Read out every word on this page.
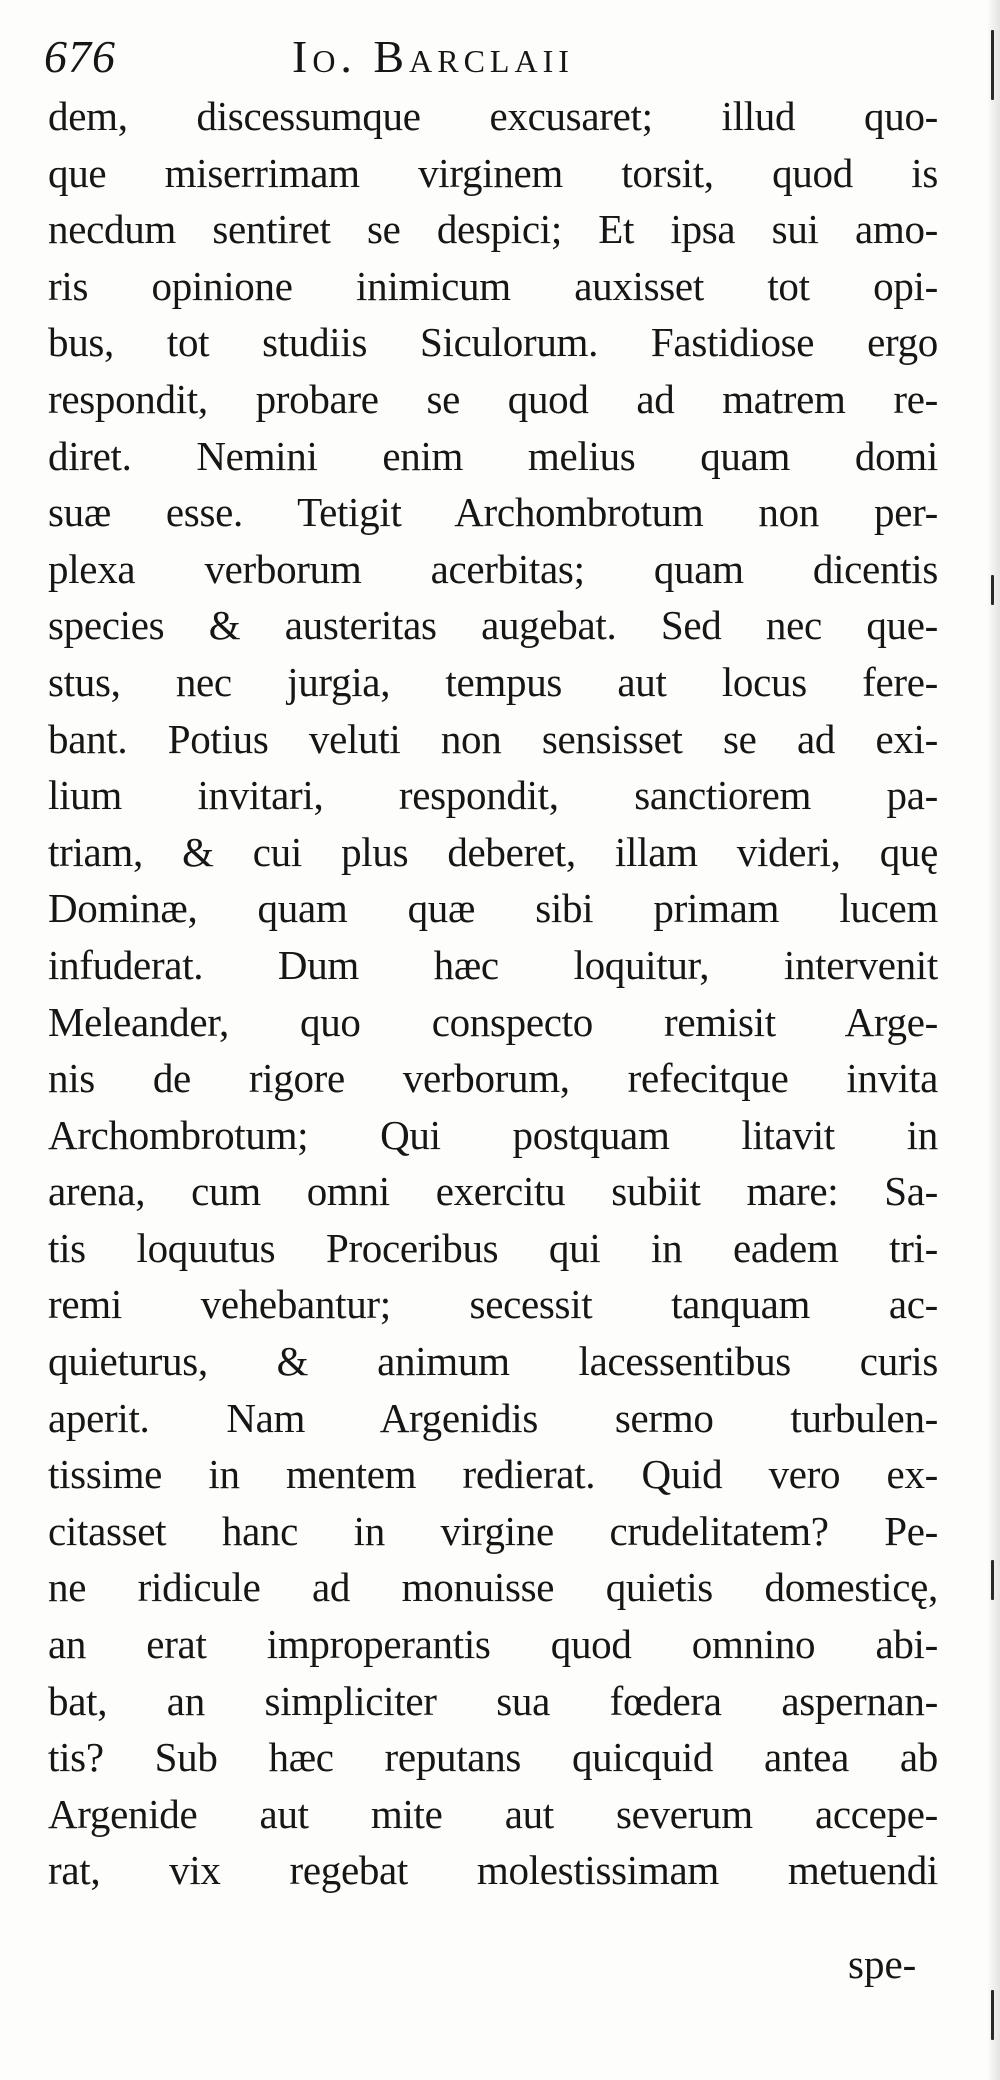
676	Io. Barclaii
dem, discessumque excusaret; illud quo-
que miserrimam virginem torsit, quod is
necdum sentiret se despici; Et ipsa sui amo-
ris opinione inimicum auxisset tot opi-
bus, tot studiis Siculorum. Fastidiose ergo
respondit, probare se quod ad matrem re-
diret. Nemini enim melius quam domi
suæ esse. Tetigit Archombrotum non per-
plexa verborum acerbitas; quam dicentis
species & austeritas augebat. Sed nec que-
stus, nec jurgia, tempus aut locus fere-
bant. Potius veluti non sensisset se ad exi-
lium invitari, respondit, sanctiorem pa-
triam, & cui plus deberet, illam videri, quę
Dominæ, quam quæ sibi primam lucem
infuderat. Dum hæc loquitur, intervenit
Meleander, quo conspecto remisit Arge-
nis de rigore verborum, refecitque invita
Archombrotum; Qui postquam litavit in
arena, cum omni exercitu subiit mare: Sa-
tis loquutus Proceribus qui in eadem tri-
remi vehebantur; secessit tanquam ac-
quieturus, & animum lacessentibus curis
aperit. Nam Argenidis sermo turbulen-
tissime in mentem redierat. Quid vero ex-
citasset hanc in virgine crudelitatem? Pe-
ne ridicule ad monuisse quietis domesticę,
an erat improperantis quod omnino abi-
bat, an simpliciter sua fœdera aspernan-
tis? Sub hæc reputans quicquid antea ab
Argenide aut mite aut severum accepe-
rat, vix regebat molestissimam metuendi
spe-
